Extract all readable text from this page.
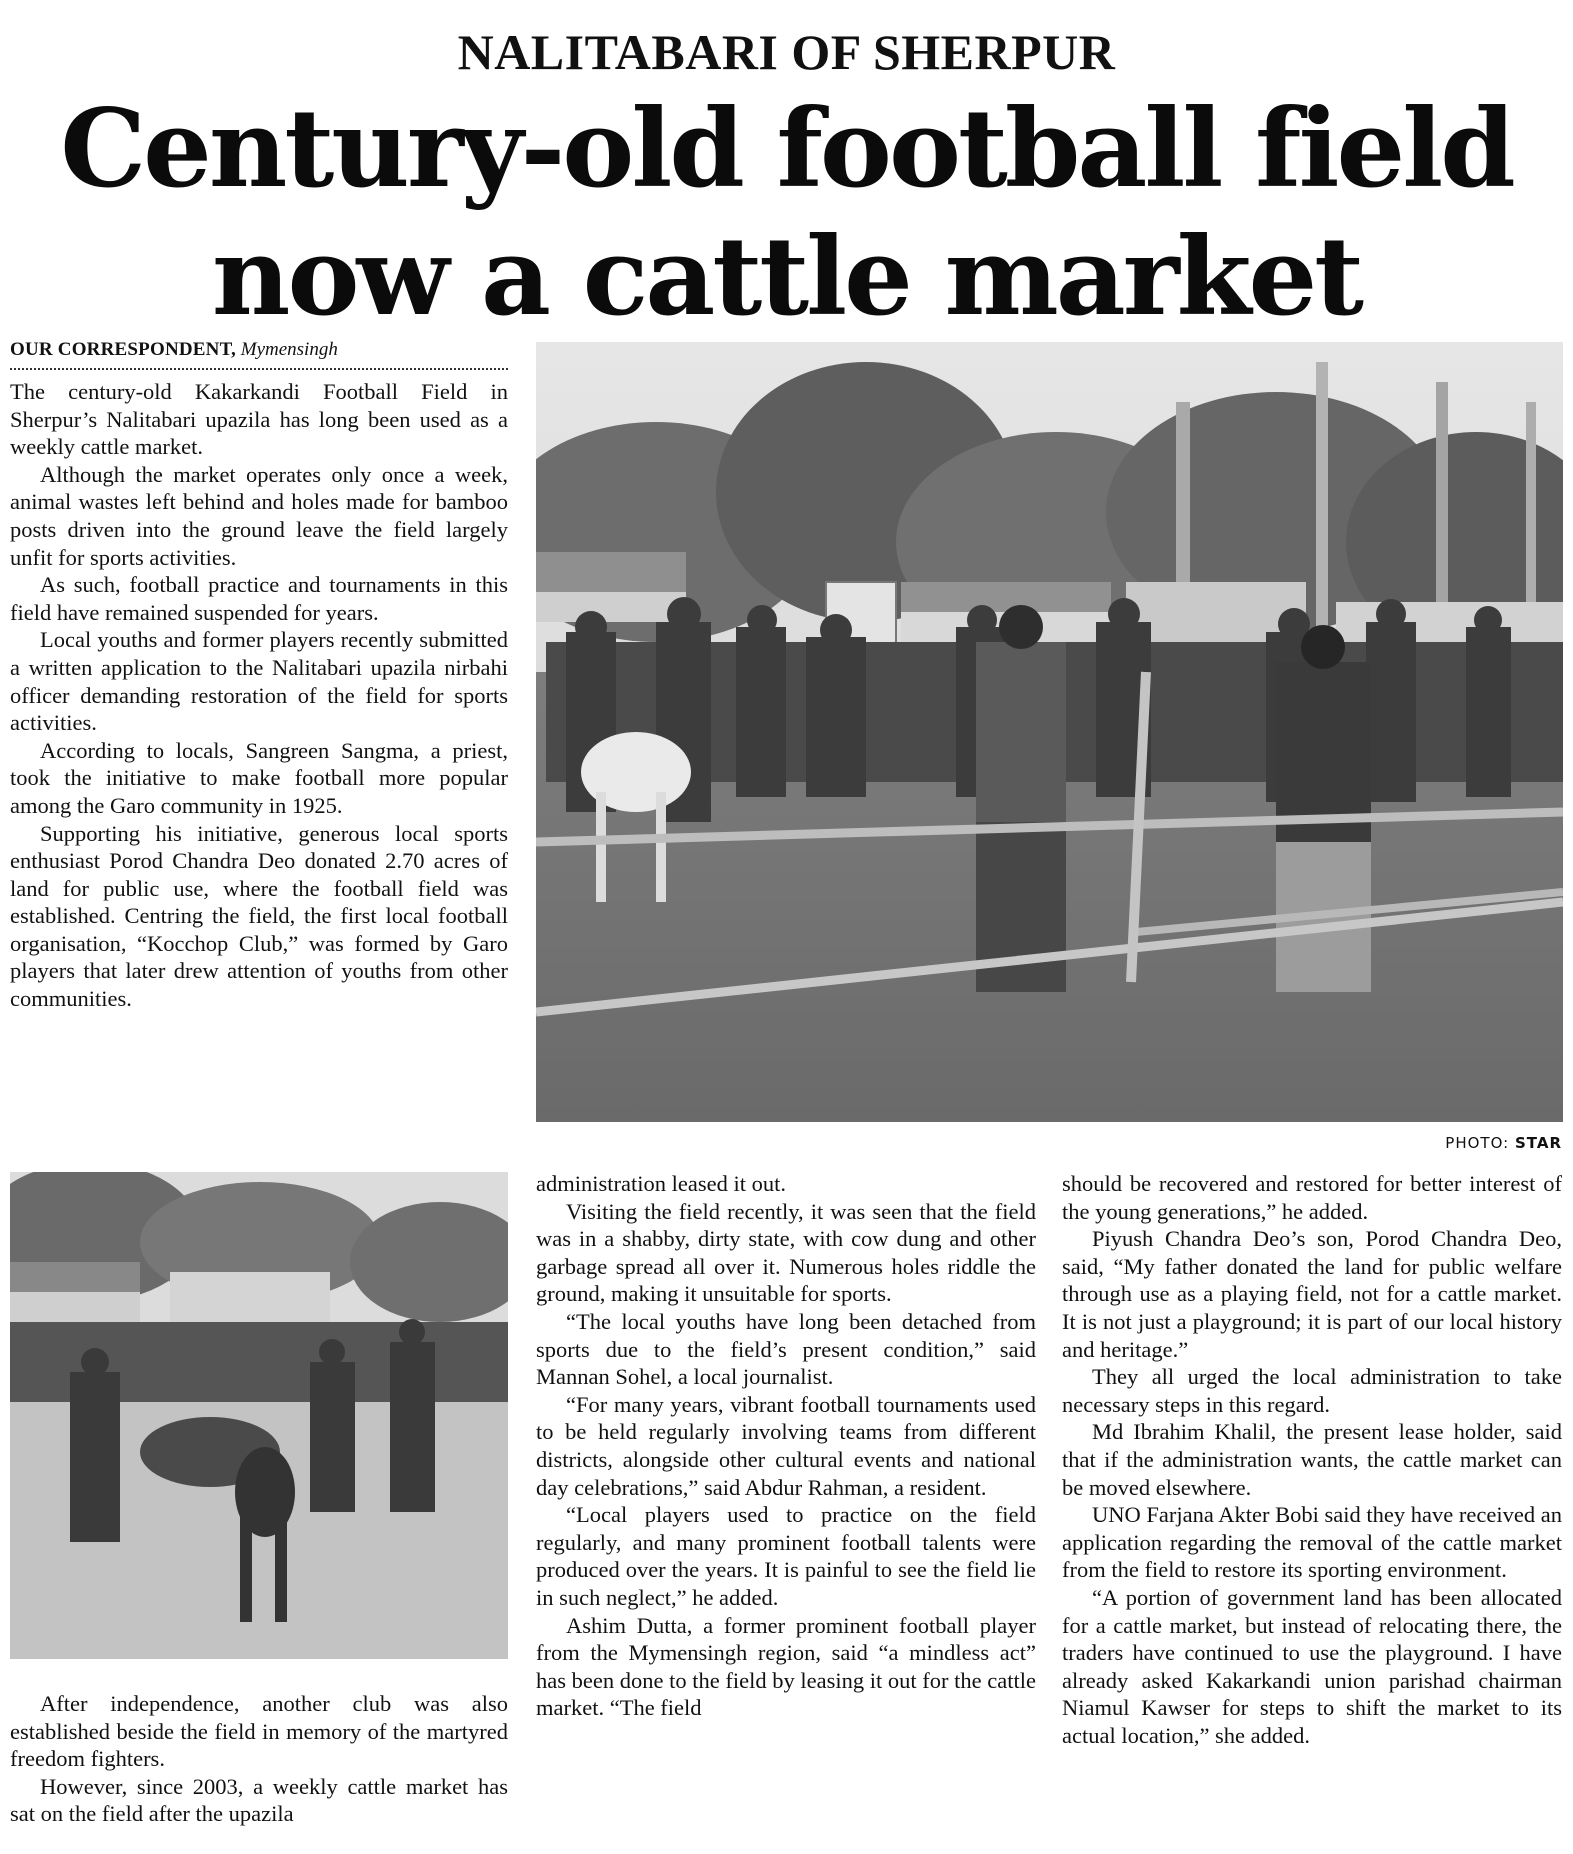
NALITABARI OF SHERPUR
Century-old football field
now a cattle market
OUR CORRESPONDENT, Mymensingh

The century-old Kakarkandi Football Field in Sherpur’s Nalitabari upazila has long been used as a weekly cattle market.

Although the market operates only once a week, animal wastes left behind and holes made for bamboo posts driven into the ground leave the field largely unfit for sports activities.

As such, football practice and tournaments in this field have remained suspended for years.

Local youths and former players recently submitted a written application to the Nalitabari upazila nirbahi officer demanding restoration of the field for sports activities.

According to locals, Sangreen Sangma, a priest, took the initiative to make football more popular among the Garo community in 1925.

Supporting his initiative, generous local sports enthusiast Porod Chandra Deo donated 2.70 acres of land for public use, where the football field was established. Centring the field, the first local football organisation, “Kocchop Club,” was formed by Garo players that later drew attention of youths from other communities.

PHOTO: STAR

After independence, another club was also established beside the field in memory of the martyred freedom fighters.

However, since 2003, a weekly cattle market has sat on the field after the upazila

administration leased it out.

Visiting the field recently, it was seen that the field was in a shabby, dirty state, with cow dung and other garbage spread all over it. Numerous holes riddle the ground, making it unsuitable for sports.

“The local youths have long been detached from sports due to the field’s present condition,” said Mannan Sohel, a local journalist.

“For many years, vibrant football tournaments used to be held regularly involving teams from different districts, alongside other cultural events and national day celebrations,” said Abdur Rahman, a resident.

“Local players used to practice on the field regularly, and many prominent football talents were produced over the years. It is painful to see the field lie in such neglect,” he added.

Ashim Dutta, a former prominent football player from the Mymensingh region, said “a mindless act” has been done to the field by leasing it out for the cattle market. “The field

should be recovered and restored for better interest of the young generations,” he added.

Piyush Chandra Deo’s son, Porod Chandra Deo, said, “My father donated the land for public welfare through use as a playing field, not for a cattle market. It is not just a playground; it is part of our local history and heritage.”

They all urged the local administration to take necessary steps in this regard.

Md Ibrahim Khalil, the present lease holder, said that if the administration wants, the cattle market can be moved elsewhere.

UNO Farjana Akter Bobi said they have received an application regarding the removal of the cattle market from the field to restore its sporting environment.

“A portion of government land has been allocated for a cattle market, but instead of relocating there, the traders have continued to use the playground. I have already asked Kakarkandi union parishad chairman Niamul Kawser for steps to shift the market to its actual location,” she added.
